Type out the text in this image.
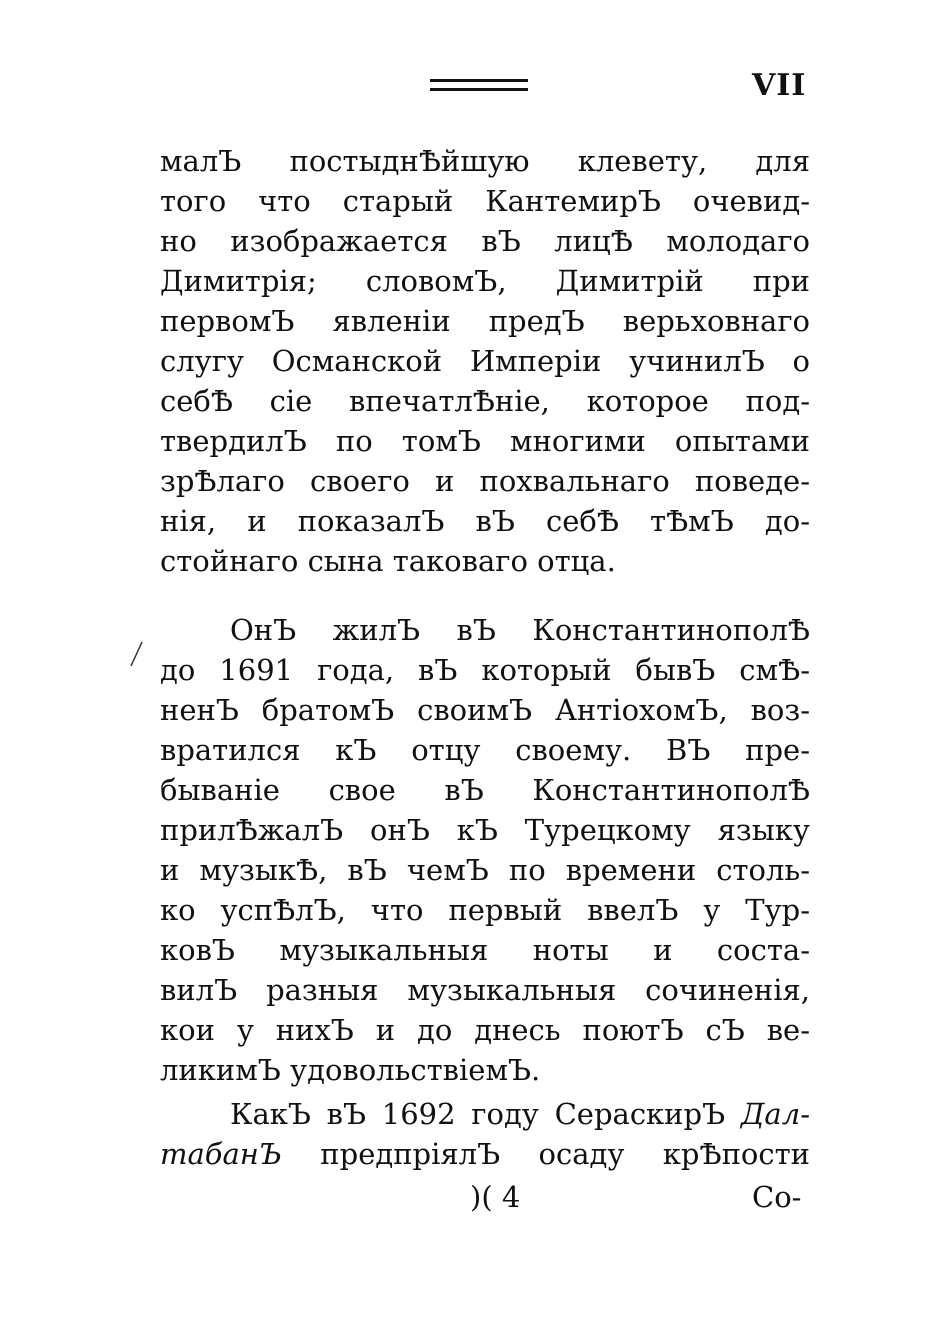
VII
малЪ постыднѢйшую клевету, для
того что старый КантемирЪ очевид-
но изображается вЪ лицѢ молодаго
Димитрія; словомЪ, Димитрій при
первомЪ явленіи предЪ верьховнаго
слугу Османской Имперіи учинилЪ о
себѢ сіе впечатлѢніе, которое под-
твердилЪ по томЪ многими опытами
зрѢлаго своего и похвальнаго поведе-
нія, и показалЪ вЪ себѢ тѢмЪ до-
стойнаго сына таковаго отца.
ОнЪ жилЪ вЪ КонстантинополѢ
до 1691 года, вЪ который бывЪ смѢ-
ненЪ братомЪ своимЪ АнтіохомЪ, воз-
вратился кЪ отцу своему. ВЪ пре-
бываніе свое вЪ КонстантинополѢ
прилѢжалЪ онЪ кЪ Турецкому языку
и музыкѢ, вЪ чемЪ по времени столь-
ко успѢлЪ, что первый ввелЪ у Тур-
ковЪ музыкальныя ноты и соста-
вилЪ разныя музыкальныя сочиненія,
кои у нихЪ и до днесь поютЪ сЪ ве-
ликимЪ удовольствіемЪ.
КакЪ вЪ 1692 году СераскирЪ Дал-
табанЪ предпріялЪ осаду крѢпости
)( 4	Со-
